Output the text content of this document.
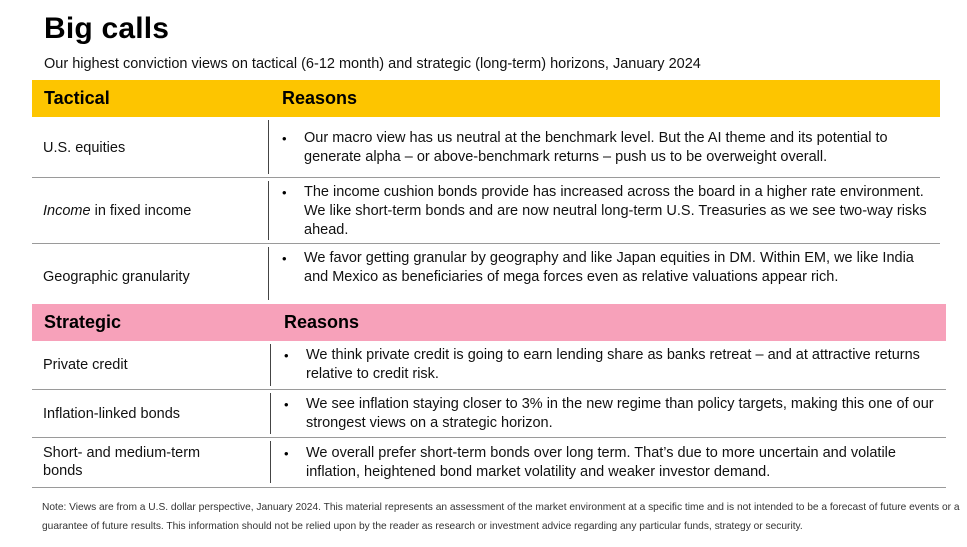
Big calls
Our highest conviction views on tactical (6-12 month) and strategic (long-term) horizons, January 2024
Tactical	Reasons
U.S. equities
• Our macro view has us neutral at the benchmark level. But the AI theme and its potential to generate alpha – or above-benchmark returns – push us to be overweight overall.
Income in fixed income
• The income cushion bonds provide has increased across the board in a higher rate environment. We like short-term bonds and are now neutral long-term U.S. Treasuries as we see two-way risks ahead.
Geographic granularity
• We favor getting granular by geography and like Japan equities in DM. Within EM, we like India and Mexico as beneficiaries of mega forces even as relative valuations appear rich.
Strategic	Reasons
Private credit
• We think private credit is going to earn lending share as banks retreat – and at attractive returns relative to credit risk.
Inflation-linked bonds
• We see inflation staying closer to 3% in the new regime than policy targets, making this one of our strongest views on a strategic horizon.
Short- and medium-term bonds
• We overall prefer short-term bonds over long term. That’s due to more uncertain and volatile inflation, heightened bond market volatility and weaker investor demand.
Note: Views are from a U.S. dollar perspective, January 2024. This material represents an assessment of the market environment at a specific time and is not intended to be a forecast of future events or a guarantee of future results. This information should not be relied upon by the reader as research or investment advice regarding any particular funds, strategy or security.
